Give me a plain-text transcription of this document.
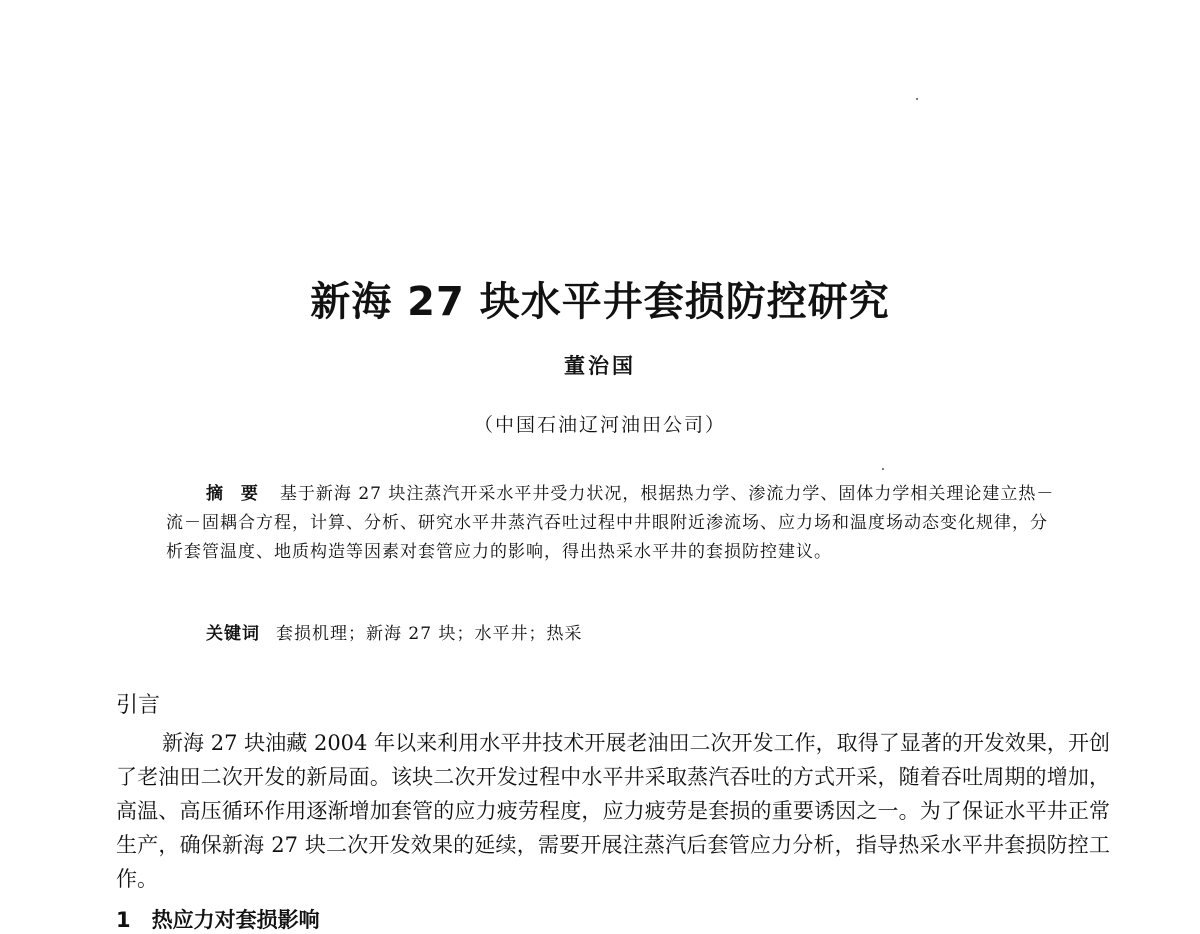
新海 27 块水平井套损防控研究
董治国
（中国石油辽河油田公司）
摘 要 基于新海 27 块注蒸汽开采水平井受力状况，根据热力学、渗流力学、固体力学相关理论建立热－流－固耦合方程，计算、分析、研究水平井蒸汽吞吐过程中井眼附近渗流场、应力场和温度场动态变化规律，分析套管温度、地质构造等因素对套管应力的影响，得出热采水平井的套损防控建议。
关键词 套损机理；新海 27 块；水平井；热采
引言
新海 27 块油藏 2004 年以来利用水平井技术开展老油田二次开发工作，取得了显著的开发效果，开创了老油田二次开发的新局面。该块二次开发过程中水平井采取蒸汽吞吐的方式开采，随着吞吐周期的增加，高温、高压循环作用逐渐增加套管的应力疲劳程度，应力疲劳是套损的重要诱因之一。为了保证水平井正常生产，确保新海 27 块二次开发效果的延续，需要开展注蒸汽后套管应力分析，指导热采水平井套损防控工作。
1　热应力对套损影响
